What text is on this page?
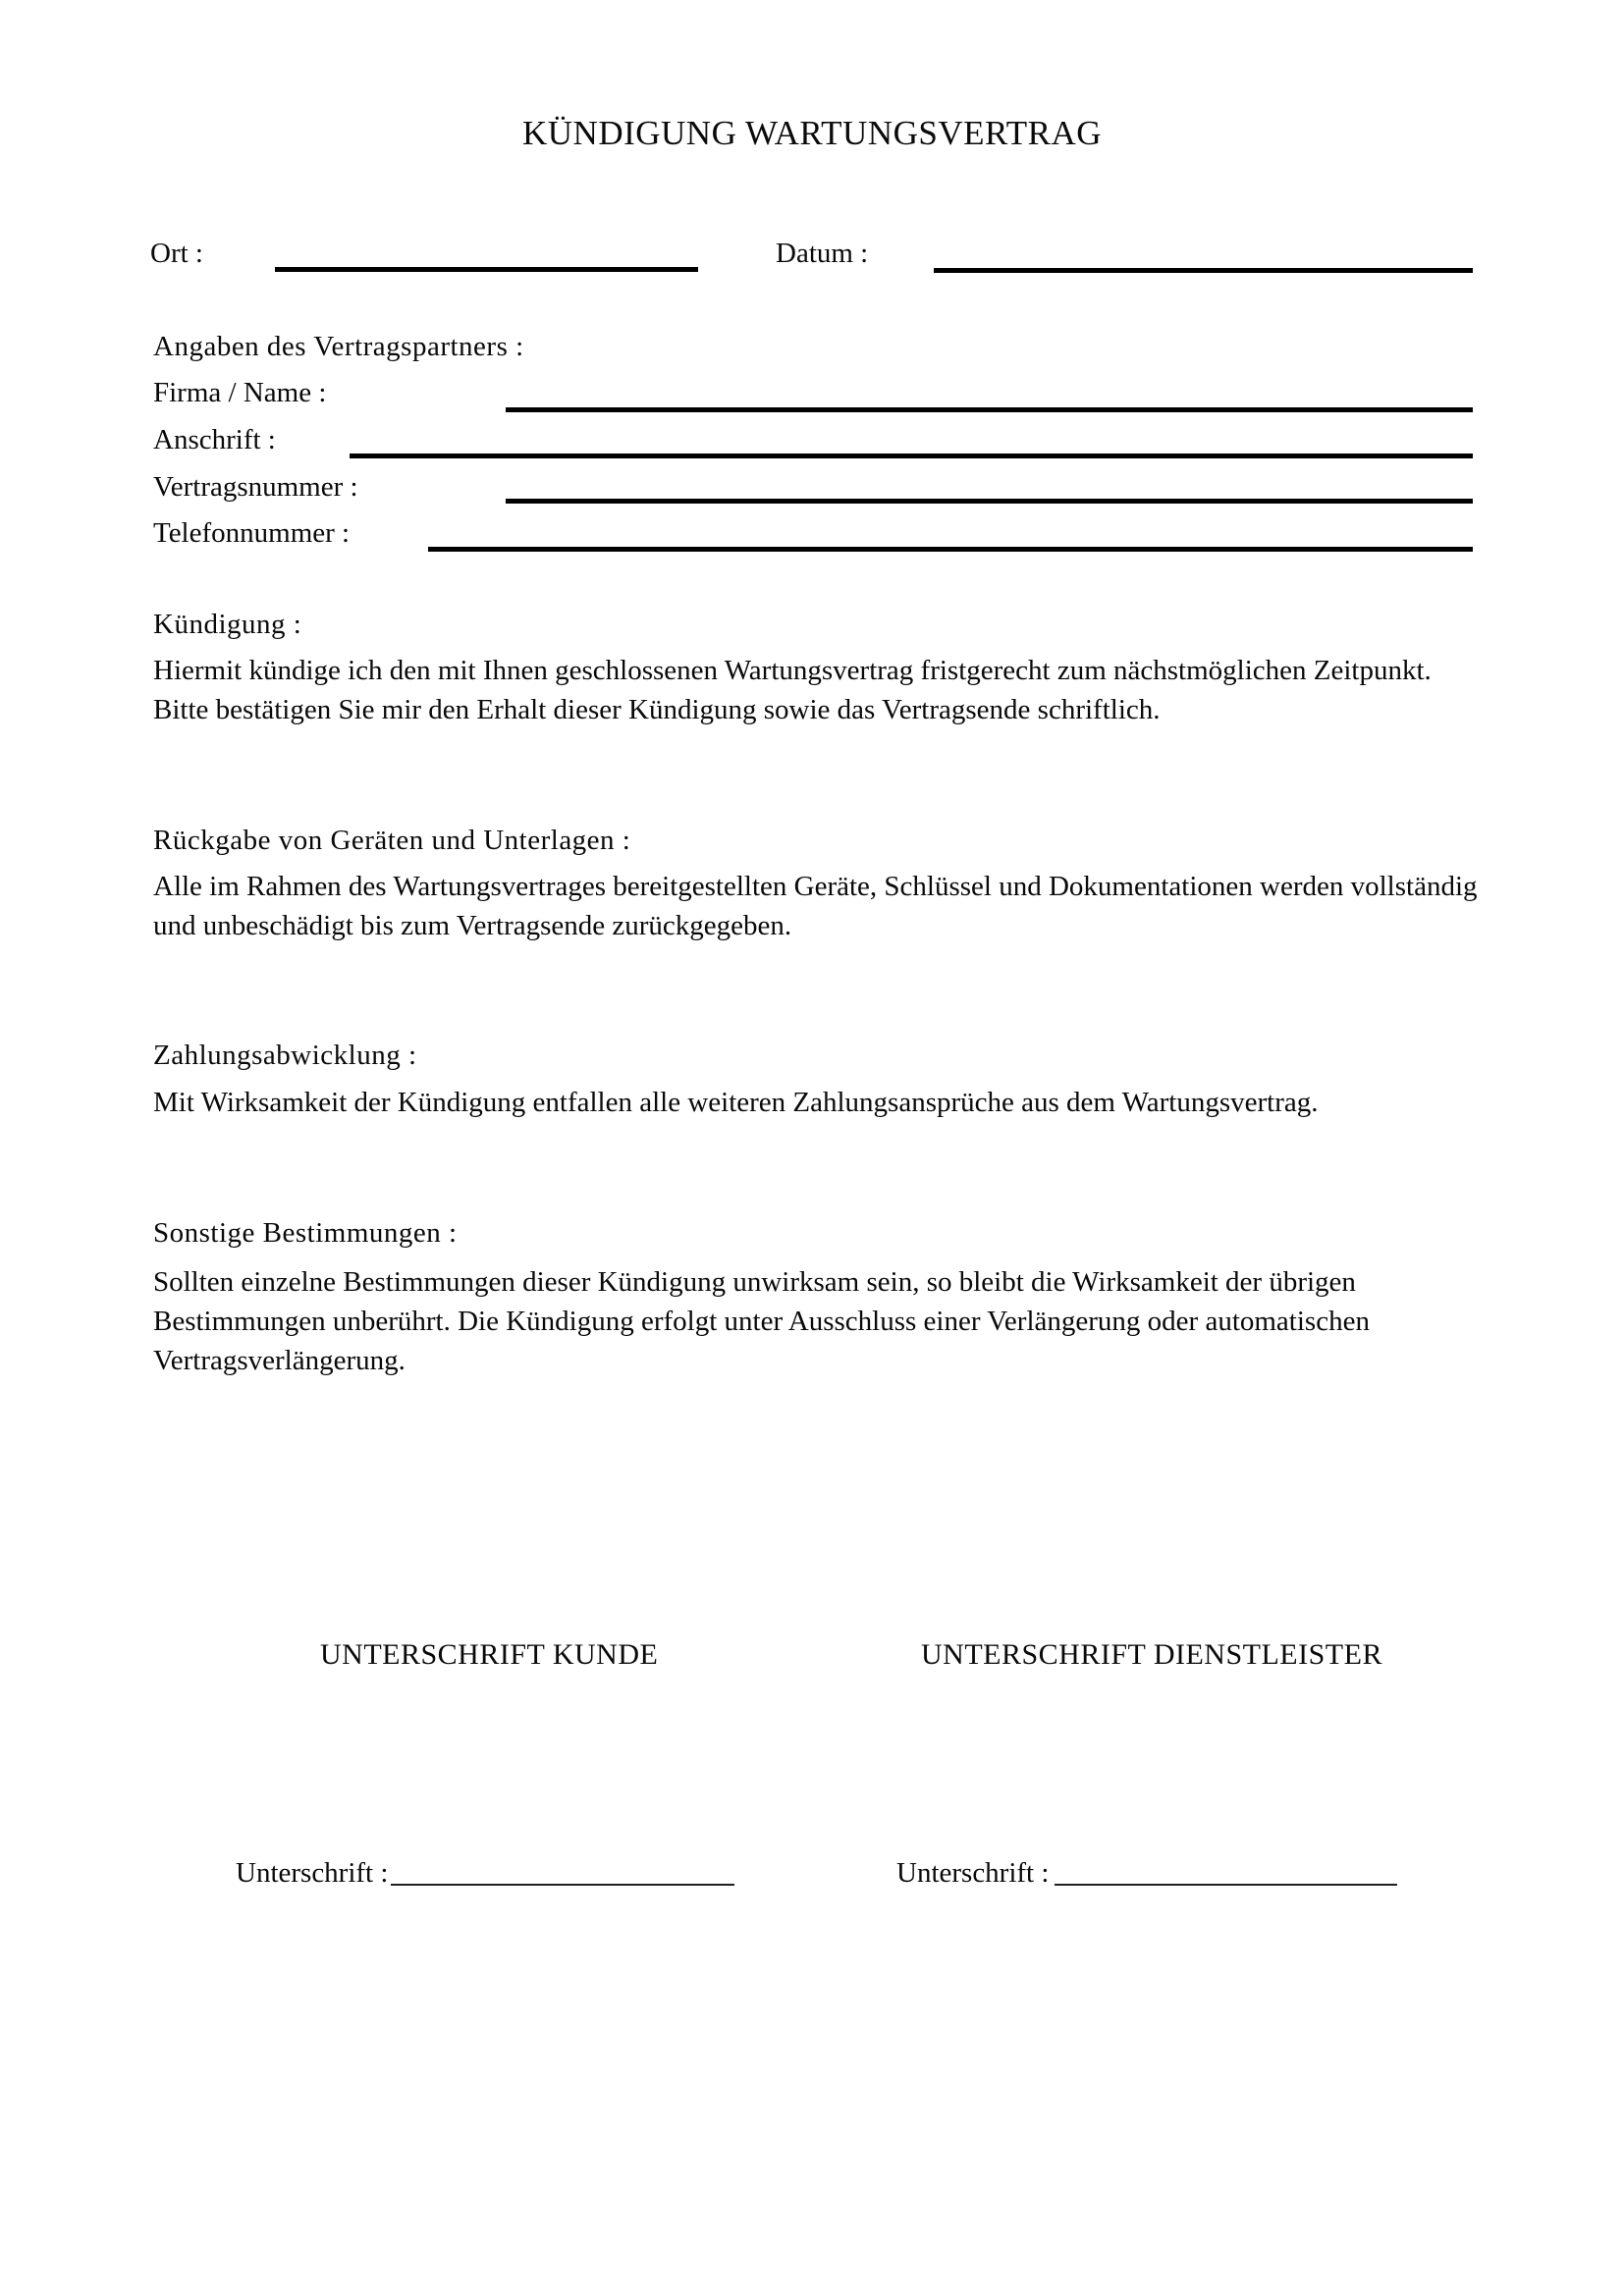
KÜNDIGUNG WARTUNGSVERTRAG
Ort :	Datum :
Angaben des Vertragspartners :
Firma / Name :
Anschrift :
Vertragsnummer :
Telefonnummer :
Kündigung :
Hiermit kündige ich den mit Ihnen geschlossenen Wartungsvertrag fristgerecht zum nächstmöglichen Zeitpunkt. Bitte bestätigen Sie mir den Erhalt dieser Kündigung sowie das Vertragsende schriftlich.
Rückgabe von Geräten und Unterlagen :
Alle im Rahmen des Wartungsvertrages bereitgestellten Geräte, Schlüssel und Dokumentationen werden vollständig und unbeschädigt bis zum Vertragsende zurückgegeben.
Zahlungsabwicklung :
Mit Wirksamkeit der Kündigung entfallen alle weiteren Zahlungsansprüche aus dem Wartungsvertrag.
Sonstige Bestimmungen :
Sollten einzelne Bestimmungen dieser Kündigung unwirksam sein, so bleibt die Wirksamkeit der übrigen Bestimmungen unberührt. Die Kündigung erfolgt unter Ausschluss einer Verlängerung oder automatischen Vertragsverlängerung.
UNTERSCHRIFT KUNDE	UNTERSCHRIFT DIENSTLEISTER
Unterschrift :	Unterschrift :
